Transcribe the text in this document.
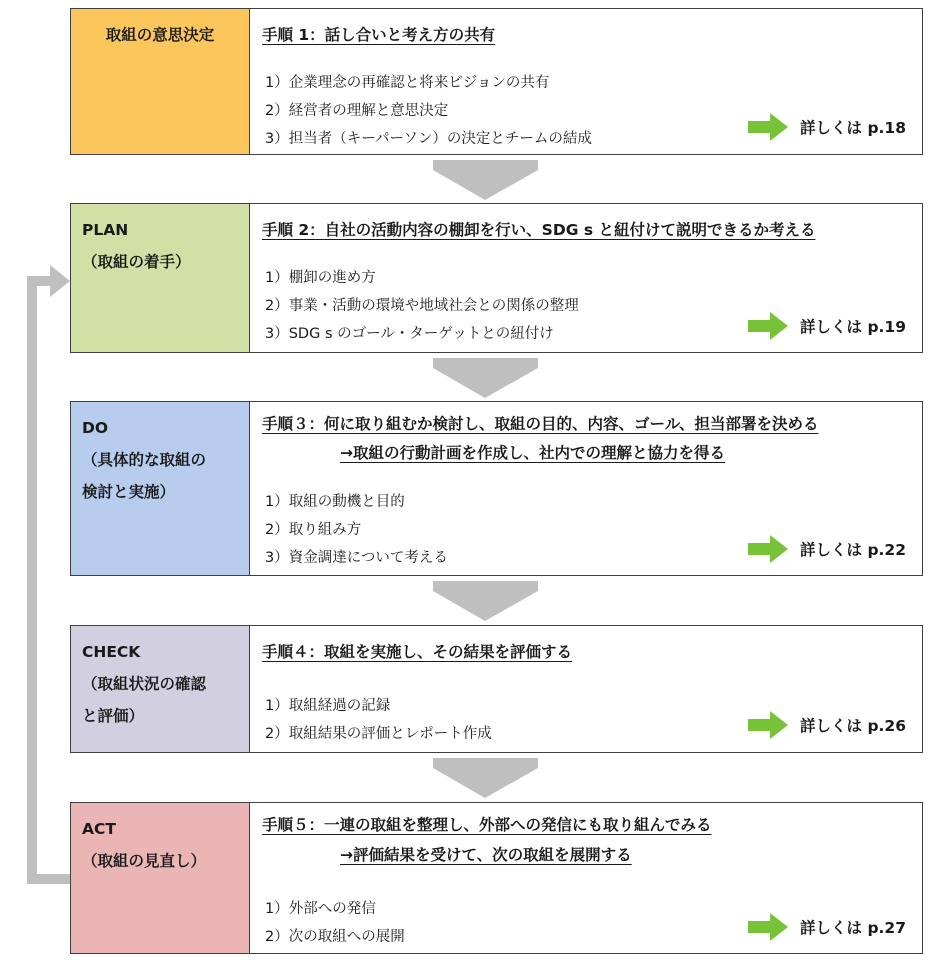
取組の意思決定	手順 1：話し合いと考え方の共有
1）企業理念の再確認と将来ビジョンの共有
2）経営者の理解と意思決定
3）担当者（キーパーソン）の決定とチームの結成
詳しくは p.18
PLAN
（取組の着手）
手順 2：自社の活動内容の棚卸を行い、SDG s と紐付けて説明できるか考える
1）棚卸の進め方
2）事業・活動の環境や地域社会との関係の整理
3）SDG s のゴール・ターゲットとの紐付け	詳しくは p.19
DO
（具体的な取組の
検討と実施）
手順３：何に取り組むか検討し、取組の目的、内容、ゴール、担当部署を決める
→取組の行動計画を作成し、社内での理解と協力を得る
1）取組の動機と目的
2）取り組み方
3）資金調達について考える	詳しくは p.22
CHECK
（取組状況の確認
と評価）
手順４：取組を実施し、その結果を評価する
1）取組経過の記録
2）取組結果の評価とレポート作成	詳しくは p.26
ACT
（取組の見直し）
手順５：一連の取組を整理し、外部への発信にも取り組んでみる
→評価結果を受けて、次の取組を展開する
1）外部への発信
2）次の取組への展開	詳しくは p.27
